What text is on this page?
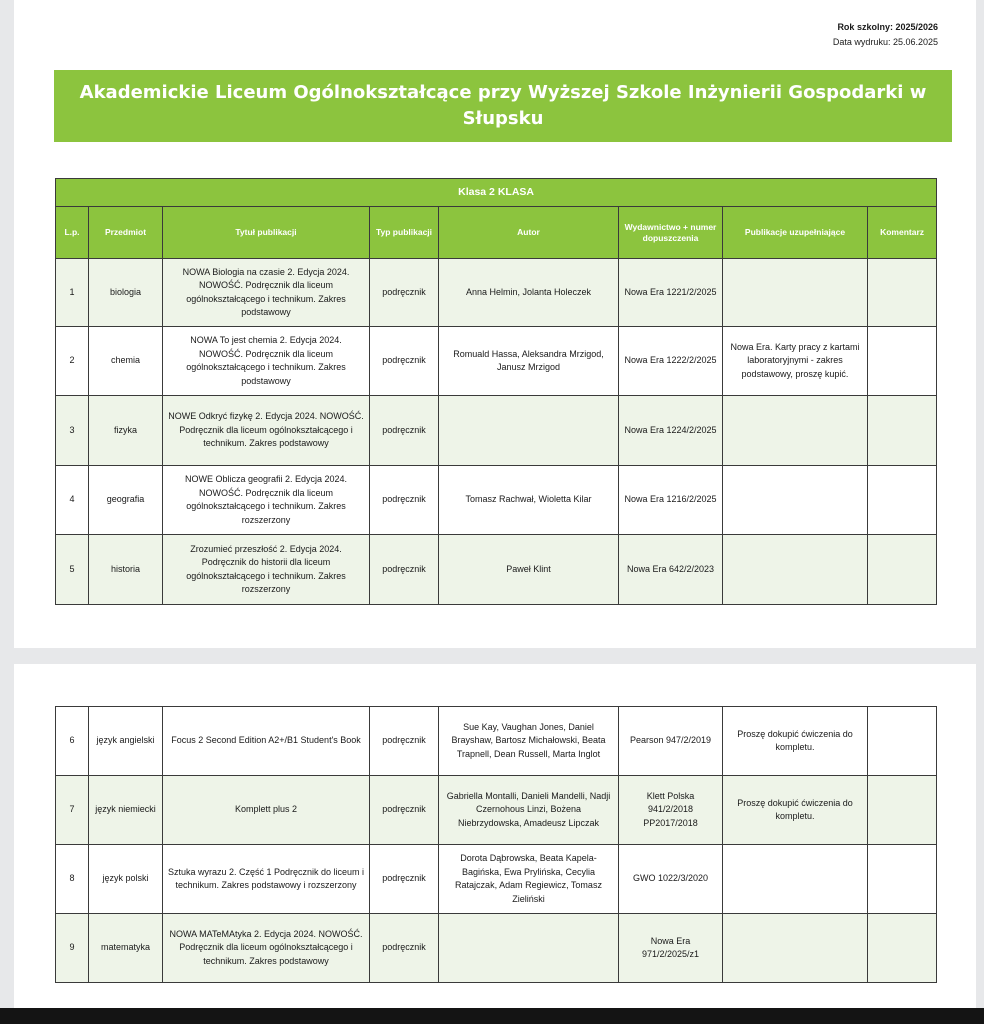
Rok szkolny: 2025/2026
Data wydruku: 25.06.2025
Akademickie Liceum Ogólnokształcące przy Wyższej Szkole Inżynierii Gospodarki w Słupsku
Klasa 2 KLASA							
L.p.	Przedmiot	Tytuł publikacji	Typ publikacji	Autor	Wydawnictwo + numer dopuszczenia	Publikacje uzupełniające	Komentarz
1	biologia	NOWA Biologia na czasie 2. Edycja 2024. NOWOŚĆ. Podręcznik dla liceum ogólnokształcącego i technikum. Zakres podstawowy	podręcznik	Anna Helmin, Jolanta Holeczek	Nowa Era 1221/2/2025		
2	chemia	NOWA To jest chemia 2. Edycja 2024. NOWOŚĆ. Podręcznik dla liceum ogólnokształcącego i technikum. Zakres podstawowy	podręcznik	Romuald Hassa, Aleksandra Mrzigod, Janusz Mrzigod	Nowa Era 1222/2/2025	Nowa Era. Karty pracy z kartami laboratoryjnymi - zakres podstawowy, proszę kupić.	
3	fizyka	NOWE Odkryć fizykę 2. Edycja 2024. NOWOŚĆ. Podręcznik dla liceum ogólnokształcącego i technikum. Zakres podstawowy	podręcznik		Nowa Era 1224/2/2025		
4	geografia	NOWE Oblicza geografii 2. Edycja 2024. NOWOŚĆ. Podręcznik dla liceum ogólnokształcącego i technikum. Zakres rozszerzony	podręcznik	Tomasz Rachwał, Wioletta Kilar	Nowa Era 1216/2/2025		
5	historia	Zrozumieć przeszłość 2. Edycja 2024. Podręcznik do historii dla liceum ogólnokształcącego i technikum. Zakres rozszerzony	podręcznik	Paweł Klint	Nowa Era 642/2/2023		
6	język angielski	Focus 2 Second Edition A2+/B1 Student's Book	podręcznik	Sue Kay, Vaughan Jones, Daniel Brayshaw, Bartosz Michałowski, Beata Trapnell, Dean Russell, Marta Inglot	Pearson 947/2/2019	Proszę dokupić ćwiczenia do kompletu.	
7	język niemiecki	Komplett plus 2	podręcznik	Gabriella Montalli, Danieli Mandelli, Nadji Czernohous Linzi, Bożena Niebrzydowska, Amadeusz Lipczak	Klett Polska 941/2/2018 PP2017/2018	Proszę dokupić ćwiczenia do kompletu.	
8	język polski	Sztuka wyrazu 2. Część 1 Podręcznik do liceum i technikum. Zakres podstawowy i rozszerzony	podręcznik	Dorota Dąbrowska, Beata Kapela-Bagińska, Ewa Prylińska, Cecylia Ratajczak, Adam Regiewicz, Tomasz Zieliński	GWO 1022/3/2020		
9	matematyka	NOWA MATeMAtyka 2. Edycja 2024. NOWOŚĆ. Podręcznik dla liceum ogólnokształcącego i technikum. Zakres podstawowy	podręcznik		Nowa Era 971/2/2025/z1		
